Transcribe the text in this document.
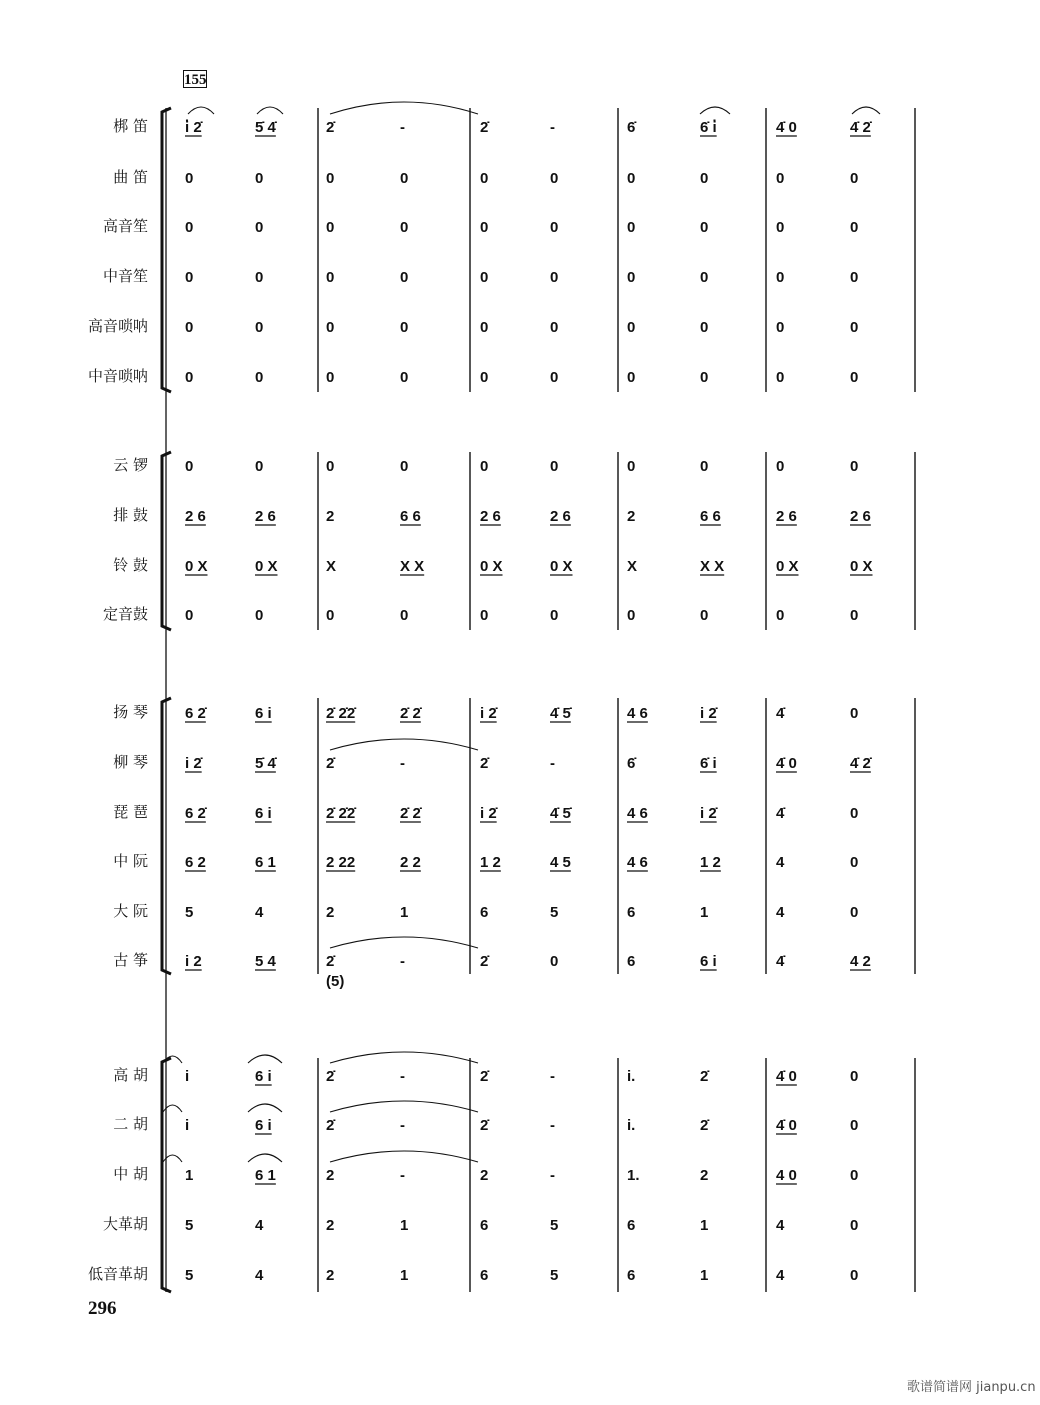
梆 笛 i̇ 2̇	5̇ 4̇	2̇	-	2̇	-	6̇	6̇ i̇	4̇ 0	4̇ 2̇
曲 笛 0	0	0	0	0	0	0	0	0	0
高音笙 0	0	0	0	0	0	0	0	0	0
中音笙 0	0	0	0	0	0	0	0	0	0
高音唢呐 0	0	0	0	0	0	0	0	0	0
中音唢呐 0	0	0	0	0	0	0	0	0	0
云 锣 0	0	0	0	0	0	0	0	0	0
排 鼓 2 6	2 6	2	6 6	2 6	2 6	2	6 6	2 6	2 6
铃 鼓 0 X	0 X	X	X X	0 X	0 X	X	X X	0 X	0 X
定音鼓 0	0	0	0	0	0	0	0	0	0
扬 琴 6 2̇	6 i	2̇ 2̇2̇	2̇ 2̇	i 2̇	4̇ 5̇	4 6	i 2̇	4̇	0
柳 琴 i 2̇	5̇ 4̇	2̇	-	2̇	-	6̇	6̇ i	4̇ 0	4̇ 2̇
琵 琶 6 2̇	6 i	2̇ 2̇2̇	2̇ 2̇	i 2̇	4̇ 5̇	4 6	i 2̇	4̇	0
中 阮 6 2	6 1	2 22	2 2	1 2	4 5	4 6	1 2	4	0
大 阮 5	4	2	1	6	5	6	1	4	0
古 筝 i 2	5 4	2̇	-	2̇	0	6	6 i	4̇	4 2
(5)
高 胡 i	6 i	2̇	-	2̇	-	i.	2̇	4̇ 0	0
二 胡 i	6 i	2̇	-	2̇	-	i.	2̇	4̇ 0	0
中 胡 1	6 1	2	-	2	-	1.	2	4 0	0
大革胡 5	4	2	1	6	5	6	1	4	0
低音革胡 5	4	2	1	6	5	6	1	4	0
155
296
歌谱简谱网 jianpu.cn
